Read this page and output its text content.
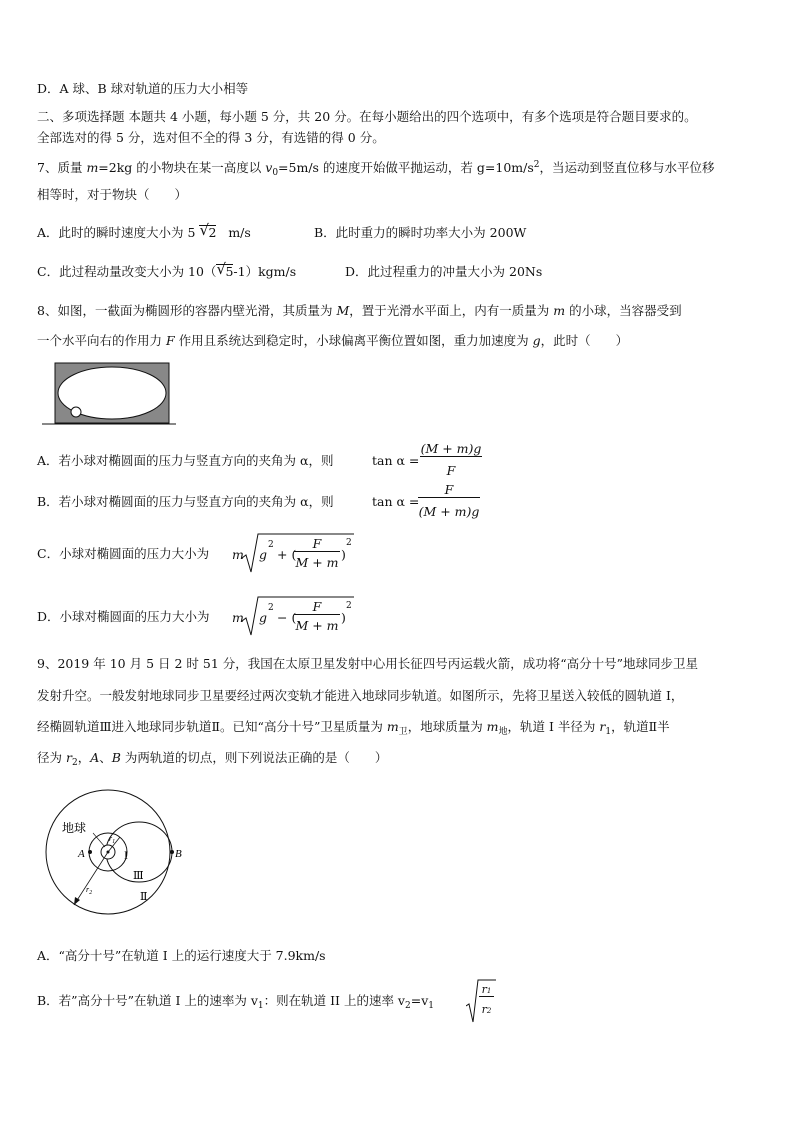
D．A 球、B 球对轨道的压力大小相等
二、多项选择题 本题共 4 小题，每小题 5 分，共 20 分。在每小题给出的四个选项中，有多个选项是符合题目要求的。
全部选对的得 5 分，选对但不全的得 3 分，有选错的得 0 分。
7、质量 m=2kg 的小物块在某一高度以 $v_0=5m/s$ 的速度开始做平抛运动，若 $g=10m/s^2$，当运动到竖直位移与水平位移
相等时，对于物块（　　）
A．此时的瞬时速度大小为 5 √ 2 m/s	B．此时重力的瞬时功率大小为 200W
C．此过程动量改变大小为 10（ √ 5-1）kgm/s	D．此过程重力的冲量大小为 20Ns
8、如图，一截面为椭圆形的容器内壁光滑，其质量为 M，置于光滑水平面上，内有一质量为 m 的小球，当容器受到
一个水平向右的作用力 F 作用且系统达到稳定时，小球偏离平衡位置如图，重力加速度为 g，此时（　　）
A．若小球对椭圆面的压力与竖直方向的夹角为 α，则	tan α =
(M + m)g
F
B．若小球对椭圆面的压力与竖直方向的夹角为 α，则	tan α =
F
(M + m)g
C．小球对椭圆面的压力大小为 m g
2
+ (
F
M + m
)
2
D．小球对椭圆面的压力大小为 m g
2
− (
F
M + m
)
2
9、2019 年 10 月 5 日 2 时 51 分，我国在太原卫星发射中心用长征四号丙运载火箭，成功将“高分十号”地球同步卫星
发射升空。一般发射地球同步卫星要经过两次变轨才能进入地球同步轨道。如图所示，先将卫星送入较低的圆轨道 I，
经椭圆轨道Ⅲ进入地球同步轨道Ⅱ。已知“高分十号”卫星质量为 $m_卫$，地球质量为 $m_地$，轨道 I 半径为 $r_1$，轨道Ⅱ半
径为 $r_2$，A、B 为两轨道的切点，则下列说法正确的是（　　）
地球
A	B
I
Ⅲ
Ⅱ
$r_1$
$r_2$
A．“高分十号”在轨道 I 上的运行速度大于 7.9km/s
B．若”高分十号”在轨道 I 上的速率为 $v_1$：则在轨道 II 上的速率 $v_2=v_1$	$\frac{r1}{r2}$
